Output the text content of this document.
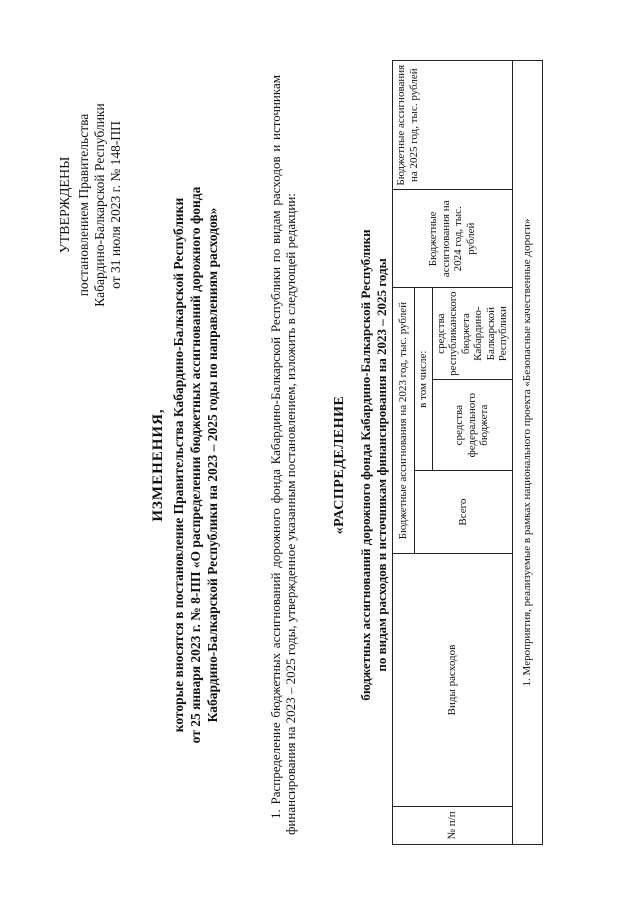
УТВЕРЖДЕНЫ постановлением Правительства Кабардино-Балкарской Республики от 31 июля 2023 г. № 148-ПП
ИЗМЕНЕНИЯ, которые вносятся в постановление Правительства Кабардино-Балкарской Республики от 25 января 2023 г. № 8-ПП «О распределении бюджетных ассигнований дорожного фонда Кабардино-Балкарской Республики на 2023 – 2025 годы по направлениям расходов»	1. Распределение бюджетных ассигнований дорожного фонда Кабардино-Балкарской Республики по видам расходов и источникам финансирования на 2023 – 2025 годы, утвержденное указанным постановлением, изложить в следующей редакции: «РАСПРЕДЕЛЕНИЕ бюджетных ассигнований дорожного фонда Кабардино-Балкарской Республики по видам расходов и источникам финансирования на 2023 – 2025 годы
№ п/п	Виды расходов	Бюджетные ассигнования на 2023 год, тыс. рублей			Бюджетные ассигнования на 2024 год, тыс. рублей	Бюджетные ассигнования на 2025 год, тыс. рублей
		Всего	в том числе:			
			средства федерального бюджета	средства республиканского бюджета Кабардино-Балкарской Республики		
1. Мероприятия, реализуемые в рамках национального проекта «Безопасные качественные дороги»						
